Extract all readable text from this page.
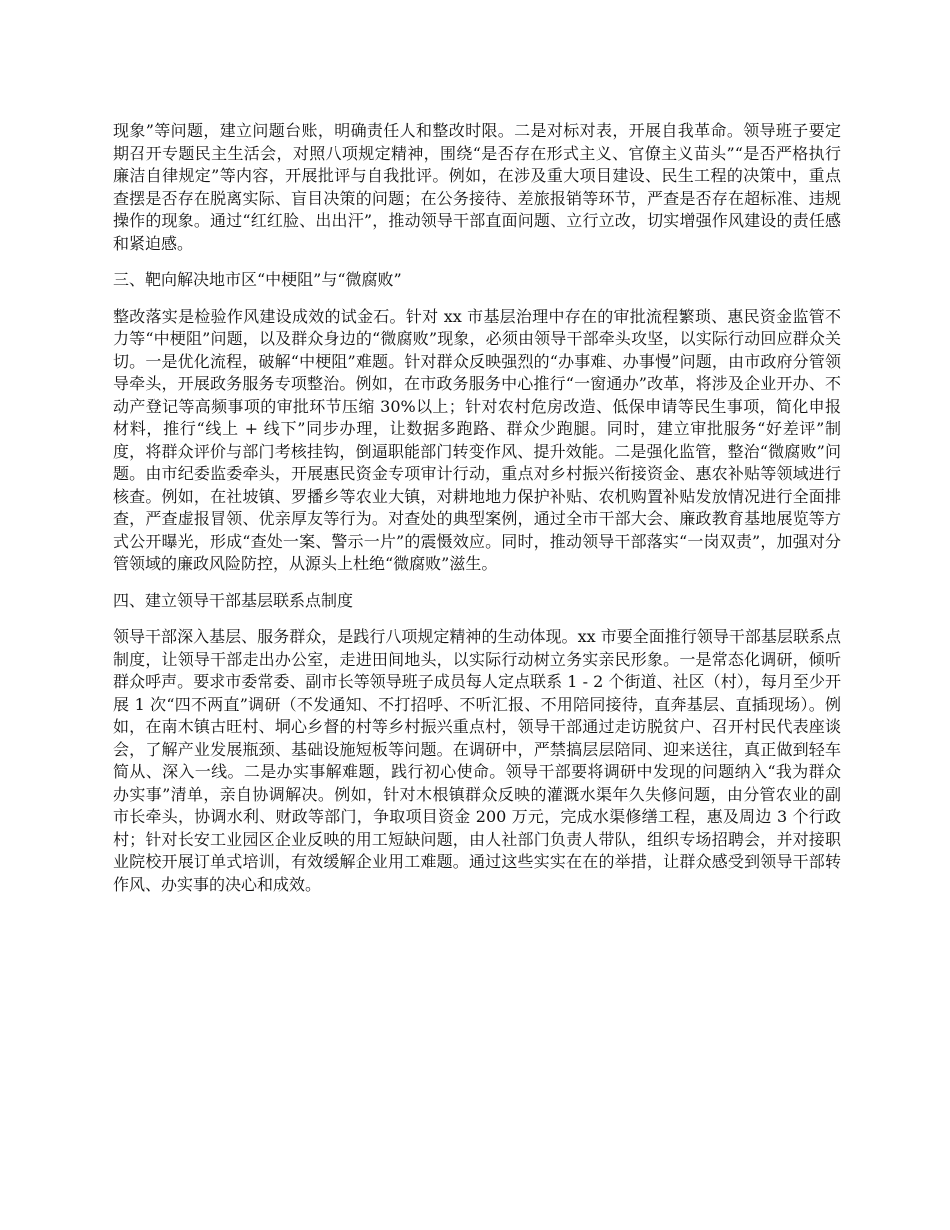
现象”等问题，建立问题台账，明确责任人和整改时限。二是对标对表，开展自我革命。领导班子要定期召开专题民主生活会，对照八项规定精神，围绕“是否存在形式主义、官僚主义苗头”“是否严格执行廉洁自律规定”等内容，开展批评与自我批评。例如，在涉及重大项目建设、民生工程的决策中，重点查摆是否存在脱离实际、盲目决策的问题；在公务接待、差旅报销等环节，严查是否存在超标准、违规操作的现象。通过“红红脸、出出汗”，推动领导干部直面问题、立行立改，切实增强作风建设的责任感和紧迫感。

三、靶向解决地市区“中梗阻”与“微腐败”

整改落实是检验作风建设成效的试金石。针对 xx 市基层治理中存在的审批流程繁琐、惠民资金监管不力等“中梗阻”问题，以及群众身边的“微腐败”现象，必须由领导干部牵头攻坚，以实际行动回应群众关切。一是优化流程，破解“中梗阻”难题。针对群众反映强烈的“办事难、办事慢”问题，由市政府分管领导牵头，开展政务服务专项整治。例如，在市政务服务中心推行“一窗通办”改革，将涉及企业开办、不动产登记等高频事项的审批环节压缩 30%以上；针对农村危房改造、低保申请等民生事项，简化申报材料，推行“线上 + 线下”同步办理，让数据多跑路、群众少跑腿。同时，建立审批服务“好差评”制度，将群众评价与部门考核挂钩，倒逼职能部门转变作风、提升效能。二是强化监管，整治“微腐败”问题。由市纪委监委牵头，开展惠民资金专项审计行动，重点对乡村振兴衔接资金、惠农补贴等领域进行核查。例如，在社坡镇、罗播乡等农业大镇，对耕地地力保护补贴、农机购置补贴发放情况进行全面排查，严查虚报冒领、优亲厚友等行为。对查处的典型案例，通过全市干部大会、廉政教育基地展览等方式公开曝光，形成“查处一案、警示一片”的震慑效应。同时，推动领导干部落实“一岗双责”，加强对分管领域的廉政风险防控，从源头上杜绝“微腐败”滋生。

四、建立领导干部基层联系点制度

领导干部深入基层、服务群众，是践行八项规定精神的生动体现。xx 市要全面推行领导干部基层联系点制度，让领导干部走出办公室，走进田间地头，以实际行动树立务实亲民形象。一是常态化调研，倾听群众呼声。要求市委常委、副市长等领导班子成员每人定点联系 1 - 2 个街道、社区（村），每月至少开展 1 次“四不两直”调研（不发通知、不打招呼、不听汇报、不用陪同接待，直奔基层、直插现场）。例如，在南木镇古旺村、垌心乡督的村等乡村振兴重点村，领导干部通过走访脱贫户、召开村民代表座谈会，了解产业发展瓶颈、基础设施短板等问题。在调研中，严禁搞层层陪同、迎来送往，真正做到轻车简从、深入一线。二是办实事解难题，践行初心使命。领导干部要将调研中发现的问题纳入“我为群众办实事”清单，亲自协调解决。例如，针对木根镇群众反映的灌溉水渠年久失修问题，由分管农业的副市长牵头，协调水利、财政等部门，争取项目资金 200 万元，完成水渠修缮工程，惠及周边 3 个行政村；针对长安工业园区企业反映的用工短缺问题，由人社部门负责人带队，组织专场招聘会，并对接职业院校开展订单式培训，有效缓解企业用工难题。通过这些实实在在的举措，让群众感受到领导干部转作风、办实事的决心和成效。
